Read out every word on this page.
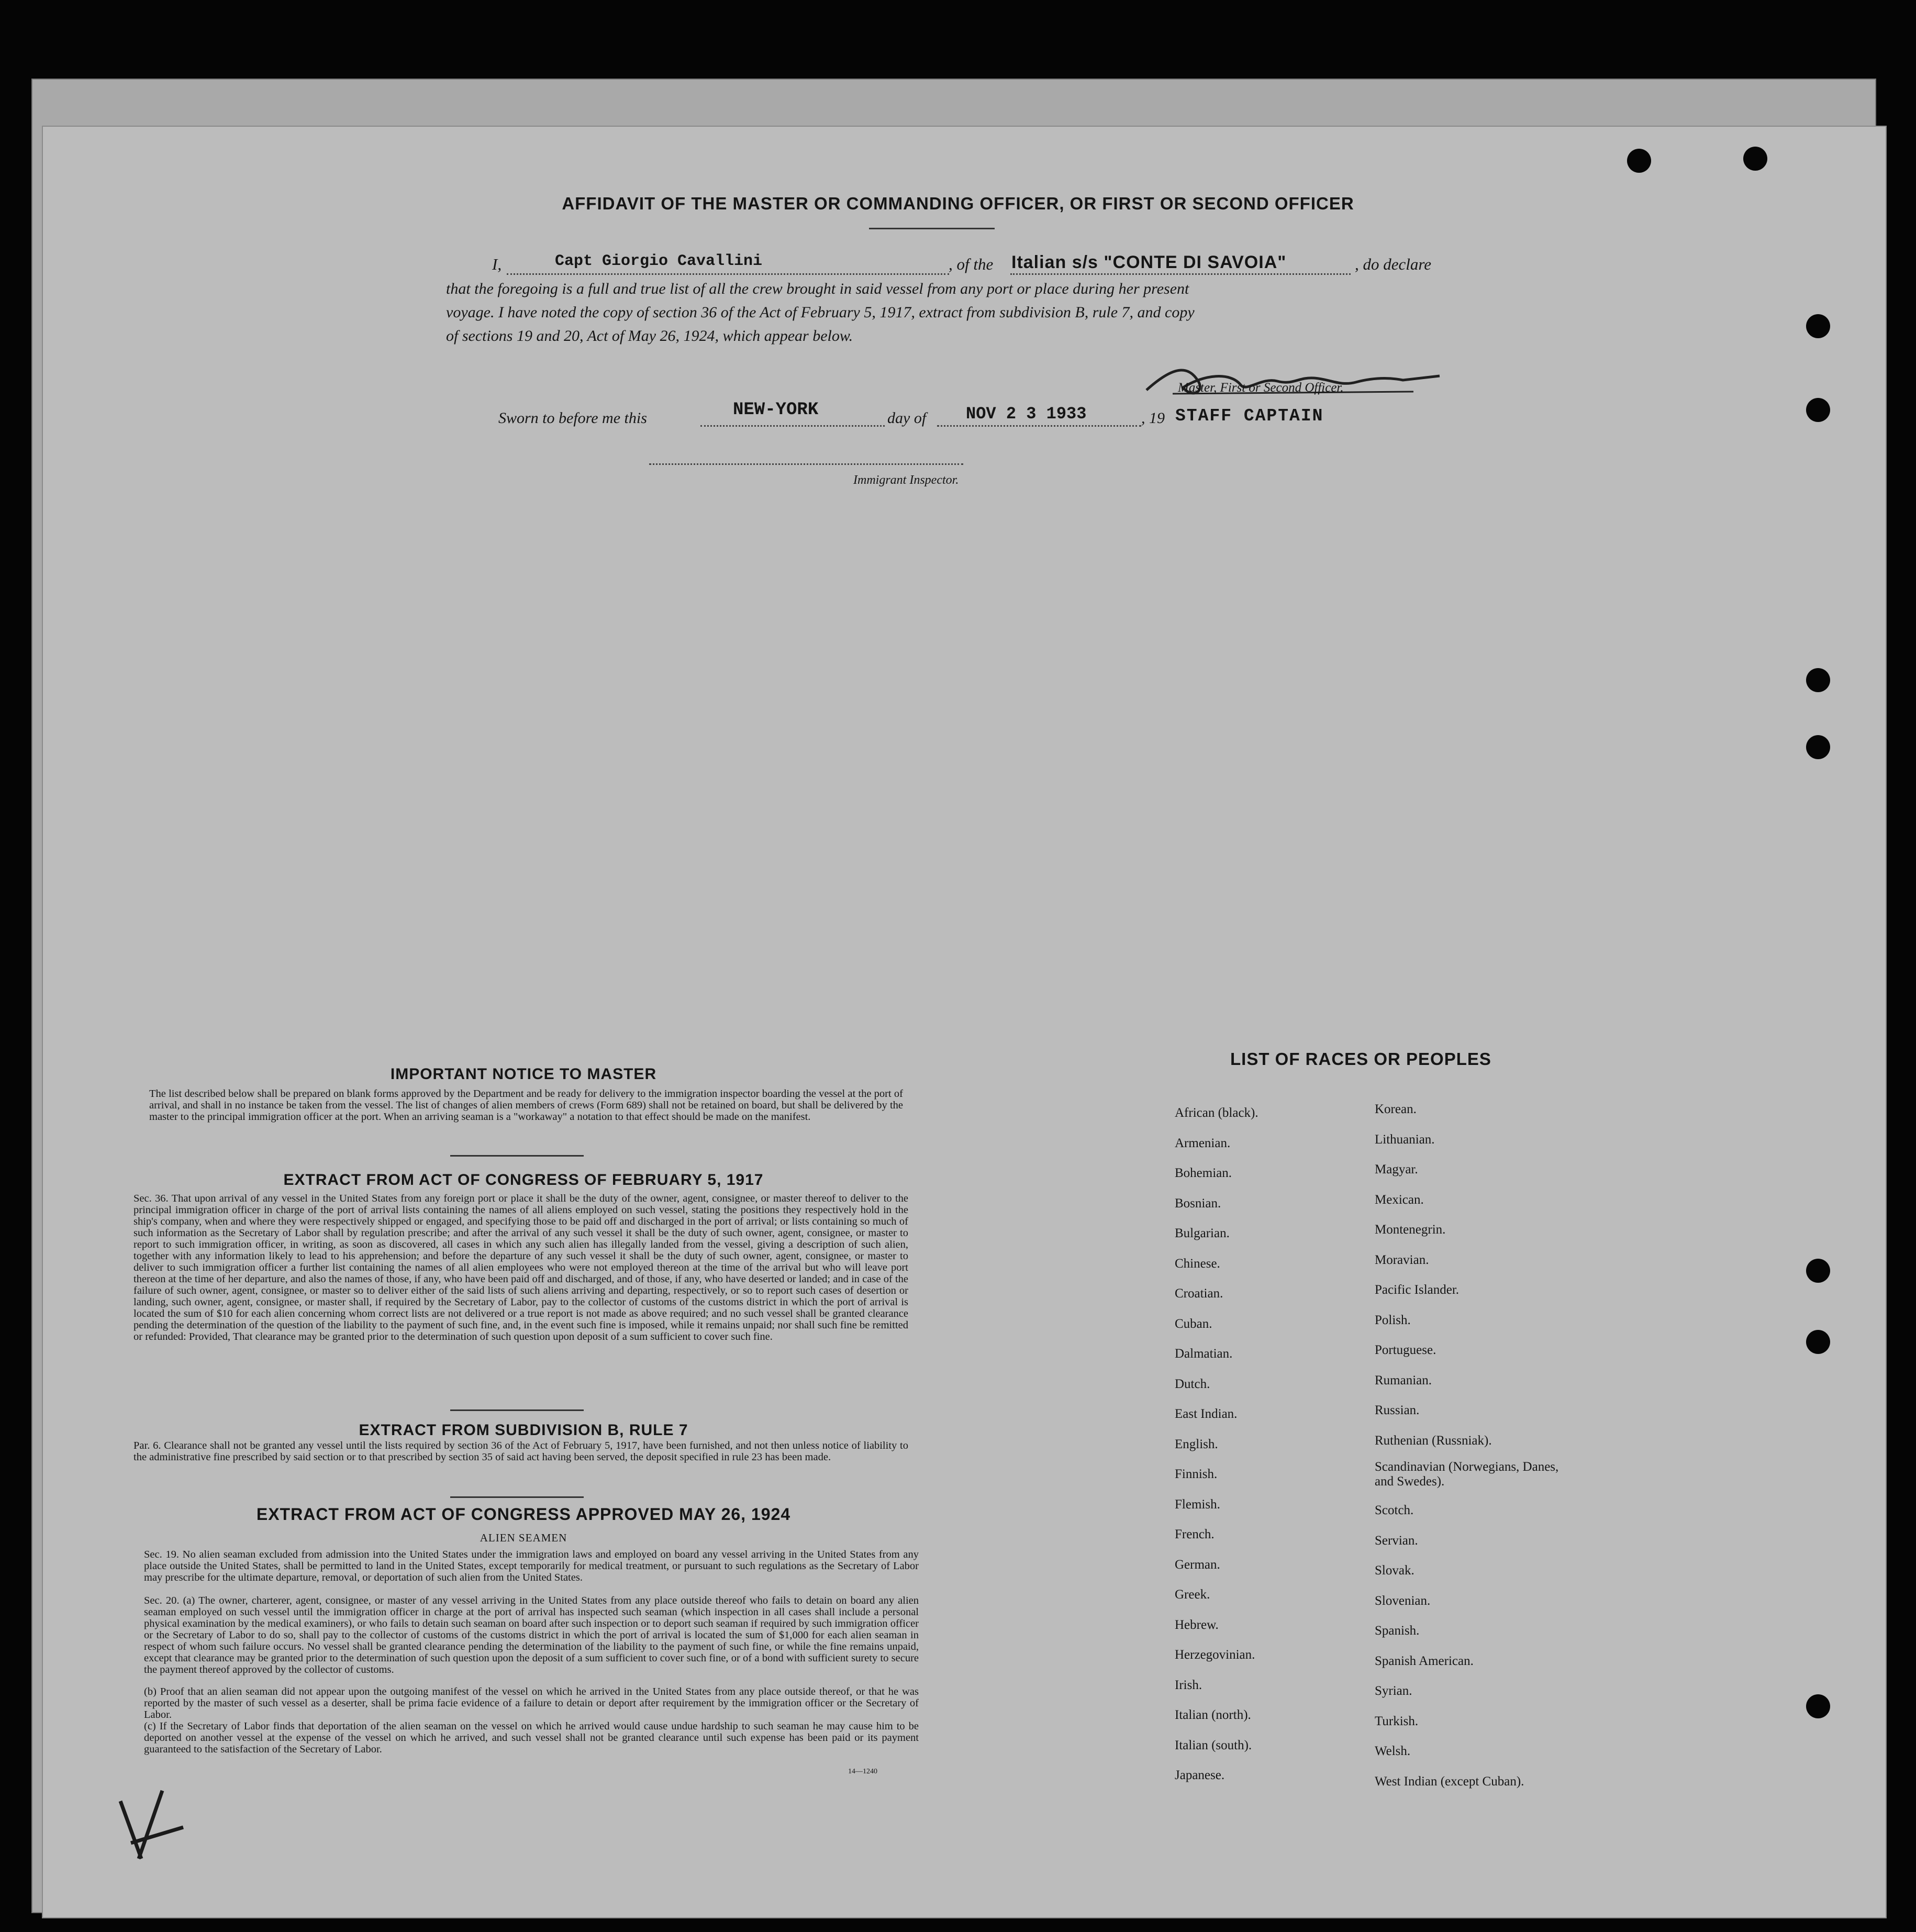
AFFIDAVIT OF THE MASTER OR COMMANDING OFFICER, OR FIRST OR SECOND OFFICER
I,	Capt Giorgio Cavallini	, of the Italian s/s "CONTE DI SAVOIA"	, do declare
that the foregoing is a full and true list of all the crew brought in said vessel from any port or place during her present
voyage. I have noted the copy of section 36 of the Act of February 5, 1917, extract from subdivision B, rule 7, and copy
of sections 19 and 20, Act of May 26, 1924, which appear below.
Master, First or Second Officer.
Sworn to before me this	NEW-YORK	day of NOV 2 3 1933	, 19 STAFF CAPTAIN
Immigrant Inspector.
IMPORTANT NOTICE TO MASTER
The list described below shall be prepared on blank forms approved by the Department and be ready for delivery to the immigration inspector boarding the vessel at the port of arrival, and shall in no instance be taken from the vessel. The list of changes of alien members of crews (Form 689) shall not be retained on board, but shall be delivered by the master to the principal immigration officer at the port. When an arriving seaman is a "workaway" a notation to that effect should be made on the manifest.
EXTRACT FROM ACT OF CONGRESS OF FEBRUARY 5, 1917
Sec. 36. That upon arrival of any vessel in the United States from any foreign port or place it shall be the duty of the owner, agent, consignee, or master thereof to deliver to the principal immigration officer in charge of the port of arrival lists containing the names of all aliens employed on such vessel, stating the positions they respectively hold in the ship's company, when and where they were respectively shipped or engaged, and specifying those to be paid off and discharged in the port of arrival; or lists containing so much of such information as the Secretary of Labor shall by regulation prescribe; and after the arrival of any such vessel it shall be the duty of such owner, agent, consignee, or master to report to such immigration officer, in writing, as soon as discovered, all cases in which any such alien has illegally landed from the vessel, giving a description of such alien, together with any information likely to lead to his apprehension; and before the departure of any such vessel it shall be the duty of such owner, agent, consignee, or master to deliver to such immigration officer a further list containing the names of all alien employees who were not employed thereon at the time of the arrival but who will leave port thereon at the time of her departure, and also the names of those, if any, who have been paid off and discharged, and of those, if any, who have deserted or landed; and in case of the failure of such owner, agent, consignee, or master so to deliver either of the said lists of such aliens arriving and departing, respectively, or so to report such cases of desertion or landing, such owner, agent, consignee, or master shall, if required by the Secretary of Labor, pay to the collector of customs of the customs district in which the port of arrival is located the sum of $10 for each alien concerning whom correct lists are not delivered or a true report is not made as above required; and no such vessel shall be granted clearance pending the determination of the question of the liability to the payment of such fine, and, in the event such fine is imposed, while it remains unpaid; nor shall such fine be remitted or refunded: Provided, That clearance may be granted prior to the determination of such question upon deposit of a sum sufficient to cover such fine.
EXTRACT FROM SUBDIVISION B, RULE 7
Par. 6. Clearance shall not be granted any vessel until the lists required by section 36 of the Act of February 5, 1917, have been furnished, and not then unless notice of liability to the administrative fine prescribed by said section or to that prescribed by section 35 of said act having been served, the deposit specified in rule 23 has been made.
EXTRACT FROM ACT OF CONGRESS APPROVED MAY 26, 1924
ALIEN SEAMEN
Sec. 19. No alien seaman excluded from admission into the United States under the immigration laws and employed on board any vessel arriving in the United States from any place outside the United States, shall be permitted to land in the United States, except temporarily for medical treatment, or pursuant to such regulations as the Secretary of Labor may prescribe for the ultimate departure, removal, or deportation of such alien from the United States.
Sec. 20. (a) The owner, charterer, agent, consignee, or master of any vessel arriving in the United States from any place outside thereof who fails to detain on board any alien seaman employed on such vessel until the immigration officer in charge at the port of arrival has inspected such seaman (which inspection in all cases shall include a personal physical examination by the medical examiners), or who fails to detain such seaman on board after such inspection or to deport such seaman if required by such immigration officer or the Secretary of Labor to do so, shall pay to the collector of customs of the customs district in which the port of arrival is located the sum of $1,000 for each alien seaman in respect of whom such failure occurs. No vessel shall be granted clearance pending the determination of the liability to the payment of such fine, or while the fine remains unpaid, except that clearance may be granted prior to the determination of such question upon the deposit of a sum sufficient to cover such fine, or of a bond with sufficient surety to secure the payment thereof approved by the collector of customs.
(b) Proof that an alien seaman did not appear upon the outgoing manifest of the vessel on which he arrived in the United States from any place outside thereof, or that he was reported by the master of such vessel as a deserter, shall be prima facie evidence of a failure to detain or deport after requirement by the immigration officer or the Secretary of Labor.
(c) If the Secretary of Labor finds that deportation of the alien seaman on the vessel on which he arrived would cause undue hardship to such seaman he may cause him to be deported on another vessel at the expense of the vessel on which he arrived, and such vessel shall not be granted clearance until such expense has been paid or its payment guaranteed to the satisfaction of the Secretary of Labor.
14—1240
LIST OF RACES OR PEOPLES
African (black).
Armenian.
Bohemian.
Bosnian.
Bulgarian.
Chinese.
Croatian.
Cuban.
Dalmatian.
Dutch.
East Indian.
English.
Finnish.
Flemish.
French.
German.
Greek.
Hebrew.
Herzegovinian.
Irish.
Italian (north).
Italian (south).
Japanese.
Korean.
Lithuanian.
Magyar.
Mexican.
Montenegrin.
Moravian.
Pacific Islander.
Polish.
Portuguese.
Rumanian.
Russian.
Ruthenian (Russniak).
Scandinavian (Norwegians, Danes, and Swedes).
Scotch.
Servian.
Slovak.
Slovenian.
Spanish.
Spanish American.
Syrian.
Turkish.
Welsh.
West Indian (except Cuban).
